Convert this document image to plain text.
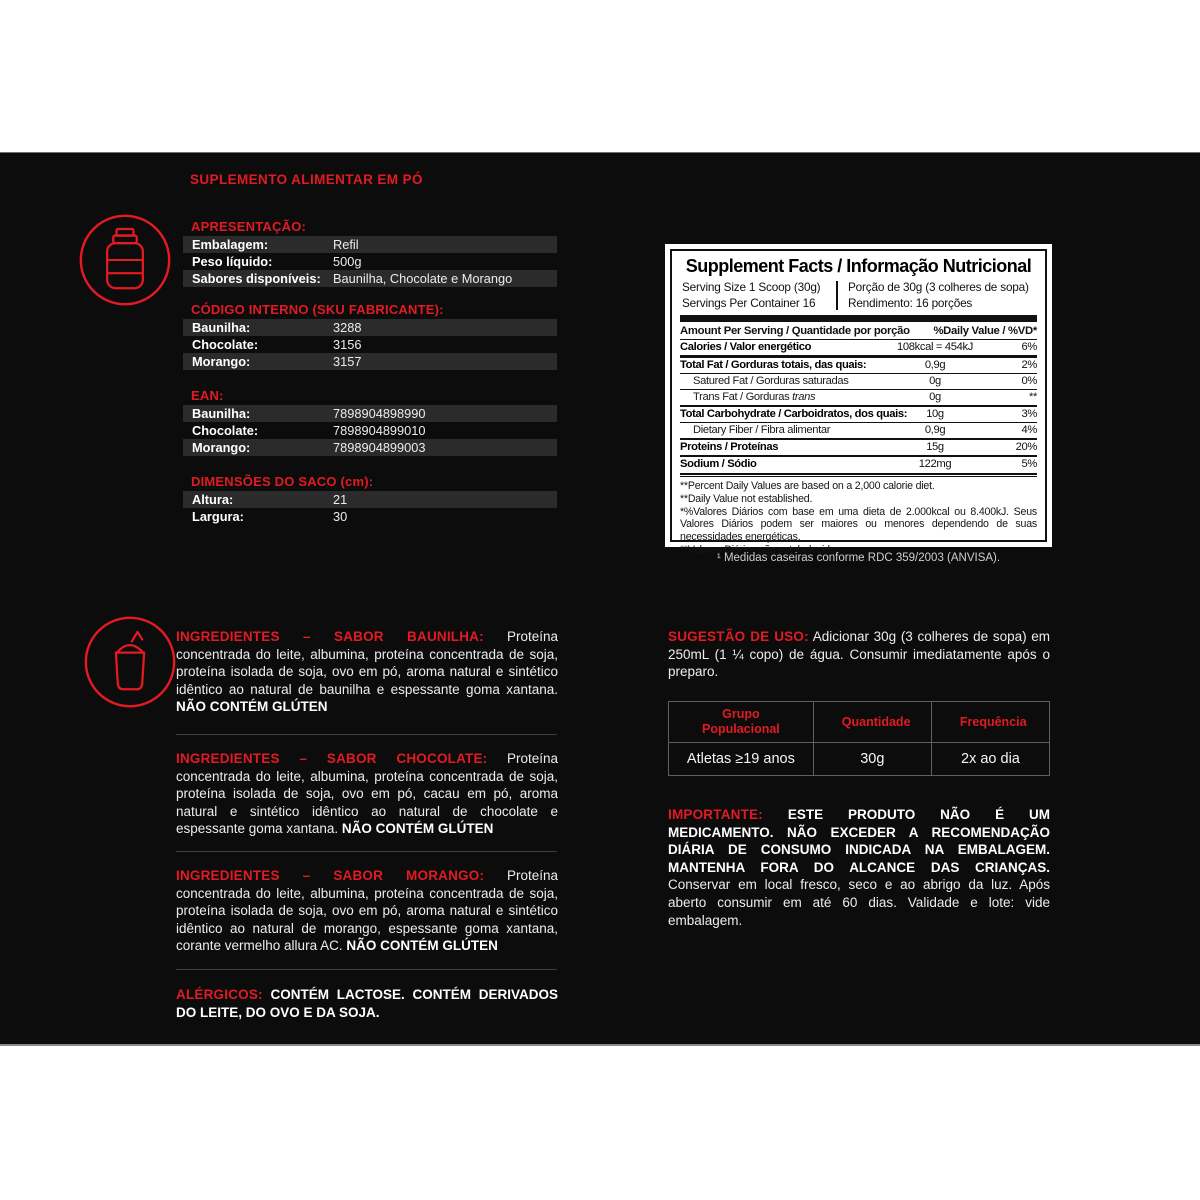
SUPLEMENTO ALIMENTAR EM PÓ
APRESENTAÇÃO:
Embalagem:	Refil
Peso líquido:	500g
Sabores disponíveis: Baunilha, Chocolate e Morango
CÓDIGO INTERNO (SKU FABRICANTE):
Baunilha:	3288
Chocolate:	3156
Morango:	3157
EAN:
Baunilha:	7898904898990
Chocolate:	7898904899010
Morango:	7898904899003
DIMENSÕES DO SACO (cm):
Altura:	21
Largura:	30
Supplement Facts / Informação Nutricional
Serving Size 1 Scoop (30g)
Servings Per Container 16
Porção de 30g (3 colheres de sopa)
Rendimento: 16 porções
Amount Per Serving / Quantidade por porção %Daily Value / %VD*
Calories / Valor energético	108kcal = 454kJ	6%
Total Fat / Gorduras totais, das quais:	0,9g	2%
Satured Fat / Gorduras saturadas	0g	0%
Trans Fat / Gorduras trans	0g	**
Total Carbohydrate / Carboidratos, dos quais:	10g	3%
Dietary Fiber / Fibra alimentar	0,9g	4%
Proteins / Proteínas	15g	20%
Sodium / Sódio	122mg	5%
**Percent Daily Values are based on a 2,000 calorie diet.
**Daily Value not established.
*%Valores Diários com base em uma dieta de 2.000kcal ou 8.400kJ. Seus Valores Diários podem ser maiores ou menores dependendo de suas necessidades energéticas.
**Valores Diários não estabelecidos.
¹ Medidas caseiras conforme RDC 359/2003 (ANVISA).

INGREDIENTES – SABOR BAUNILHA: Proteína concentrada do leite, albumina, proteína concentrada de soja, proteína isolada de soja, ovo em pó, aroma natural e sintético idêntico ao natural de baunilha e espessante goma xantana. NÃO CONTÉM GLÚTEN

INGREDIENTES – SABOR CHOCOLATE: Proteína concentrada do leite, albumina, proteína concentrada de soja, proteína isolada de soja, ovo em pó, cacau em pó, aroma natural e sintético idêntico ao natural de chocolate e espessante goma xantana. NÃO CONTÉM GLÚTEN

INGREDIENTES – SABOR MORANGO: Proteína concentrada do leite, albumina, proteína concentrada de soja, proteína isolada de soja, ovo em pó, aroma natural e sintético idêntico ao natural de morango, espessante goma xantana, corante vermelho allura AC. NÃO CONTÉM GLÚTEN

ALÉRGICOS: CONTÉM LACTOSE. CONTÉM DERIVADOS DO LEITE, DO OVO E DA SOJA.

SUGESTÃO DE USO: Adicionar 30g (3 colheres de sopa) em 250mL (1 ¼ copo) de água. Consumir imediatamente após o preparo.

Grupo Populacional	Quantidade	Frequência
Atletas ≥19 anos	30g	2x ao dia

IMPORTANTE: ESTE PRODUTO NÃO É UM MEDICAMENTO. NÃO EXCEDER A RECOMENDAÇÃO DIÁRIA DE CONSUMO INDICADA NA EMBALAGEM. MANTENHA FORA DO ALCANCE DAS CRIANÇAS. Conservar em local fresco, seco e ao abrigo da luz. Após aberto consumir em até 60 dias. Validade e lote: vide embalagem.
